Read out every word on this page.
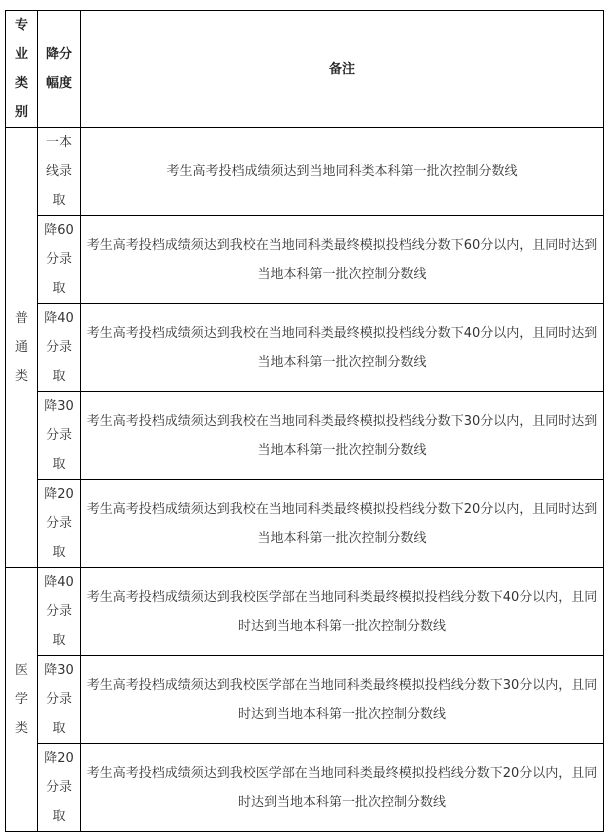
专业类别	降分幅度	备注
普通类	一本线录取	考生高考投档成绩须达到当地同科类本科第一批次控制分数线
	降60分录取	考生高考投档成绩须达到我校在当地同科类最终模拟投档线分数下60分以内，且同时达到当地本科第一批次控制分数线
	降40分录取	考生高考投档成绩须达到我校在当地同科类最终模拟投档线分数下40分以内，且同时达到当地本科第一批次控制分数线
	降30分录取	考生高考投档成绩须达到我校在当地同科类最终模拟投档线分数下30分以内，且同时达到当地本科第一批次控制分数线
	降20分录取	考生高考投档成绩须达到我校在当地同科类最终模拟投档线分数下20分以内，且同时达到当地本科第一批次控制分数线
医学类	降40分录取	考生高考投档成绩须达到我校医学部在当地同科类最终模拟投档线分数下40分以内，且同时达到当地本科第一批次控制分数线
	降30分录取	考生高考投档成绩须达到我校医学部在当地同科类最终模拟投档线分数下30分以内，且同时达到当地本科第一批次控制分数线
	降20分录取	考生高考投档成绩须达到我校医学部在当地同科类最终模拟投档线分数下20分以内，且同时达到当地本科第一批次控制分数线
